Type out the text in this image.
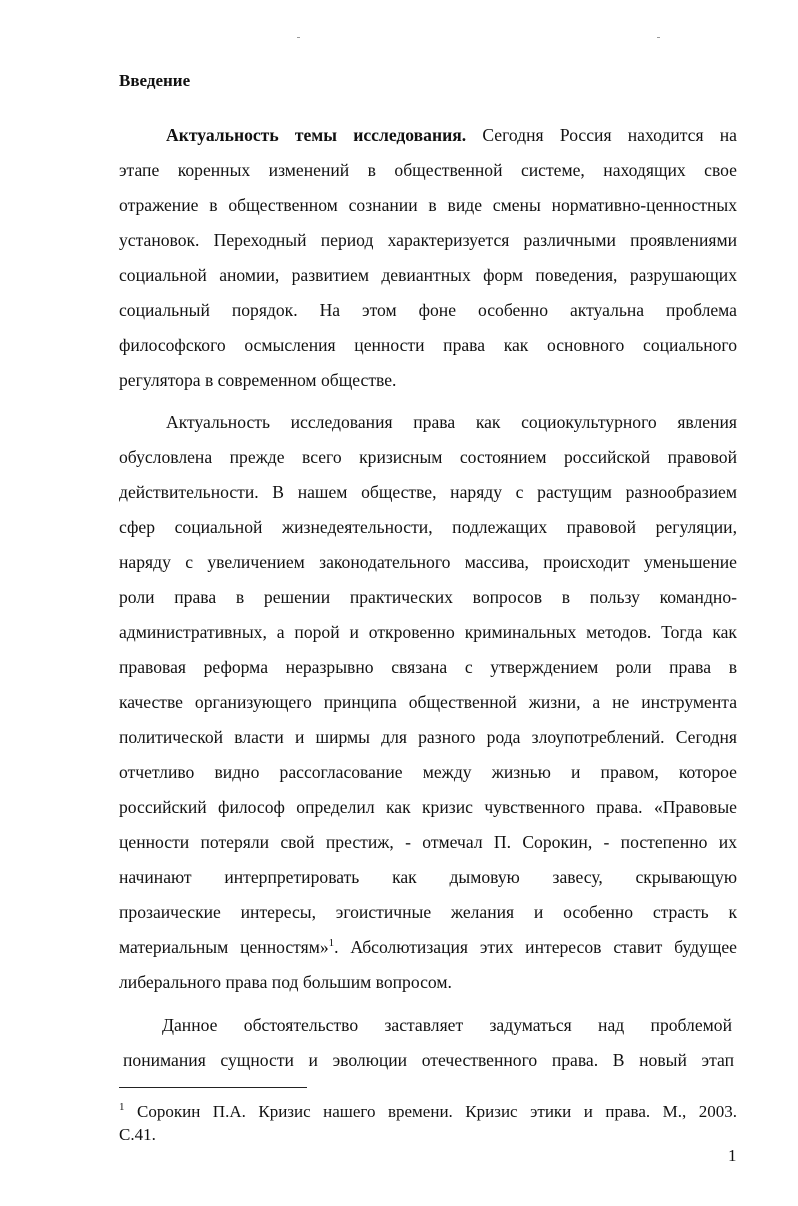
Введение
Актуальность темы исследования. Сегодня Россия находится на
этапе коренных изменений в общественной системе, находящих свое
отражение в общественном сознании в виде смены нормативно-ценностных
установок. Переходный период характеризуется различными проявлениями
социальной аномии, развитием девиантных форм поведения, разрушающих
социальный порядок. На этом фоне особенно актуальна проблема
философского осмысления ценности права как основного социального
регулятора в современном обществе.
Актуальность исследования права как социокультурного явления
обусловлена прежде всего кризисным состоянием российской правовой
действительности. В нашем обществе, наряду с растущим разнообразием
сфер социальной жизнедеятельности, подлежащих правовой регуляции,
наряду с увеличением законодательного массива, происходит уменьшение
роли права в решении практических вопросов в пользу командно-
административных, а порой и откровенно криминальных методов. Тогда как
правовая реформа неразрывно связана с утверждением роли права в
качестве организующего принципа общественной жизни, а не инструмента
политической власти и ширмы для разного рода злоупотреблений. Сегодня
отчетливо видно рассогласование между жизнью и правом, которое
российский философ определил как кризис чувственного права. «Правовые
ценности потеряли свой престиж, - отмечал П. Сорокин, - постепенно их
начинают интерпретировать как дымовую завесу, скрывающую
прозаические интересы, эгоистичные желания и особенно страсть к
материальным ценностям»$^1$. Абсолютизация этих интересов ставит будущее
либерального права под большим вопросом.
Данное обстоятельство заставляет задуматься над проблемой
понимания сущности и эволюции отечественного права. В новый этап
$^1$ Сорокин П.А. Кризис нашего времени. Кризис этики и права. М., 2003.
С.41.
1
